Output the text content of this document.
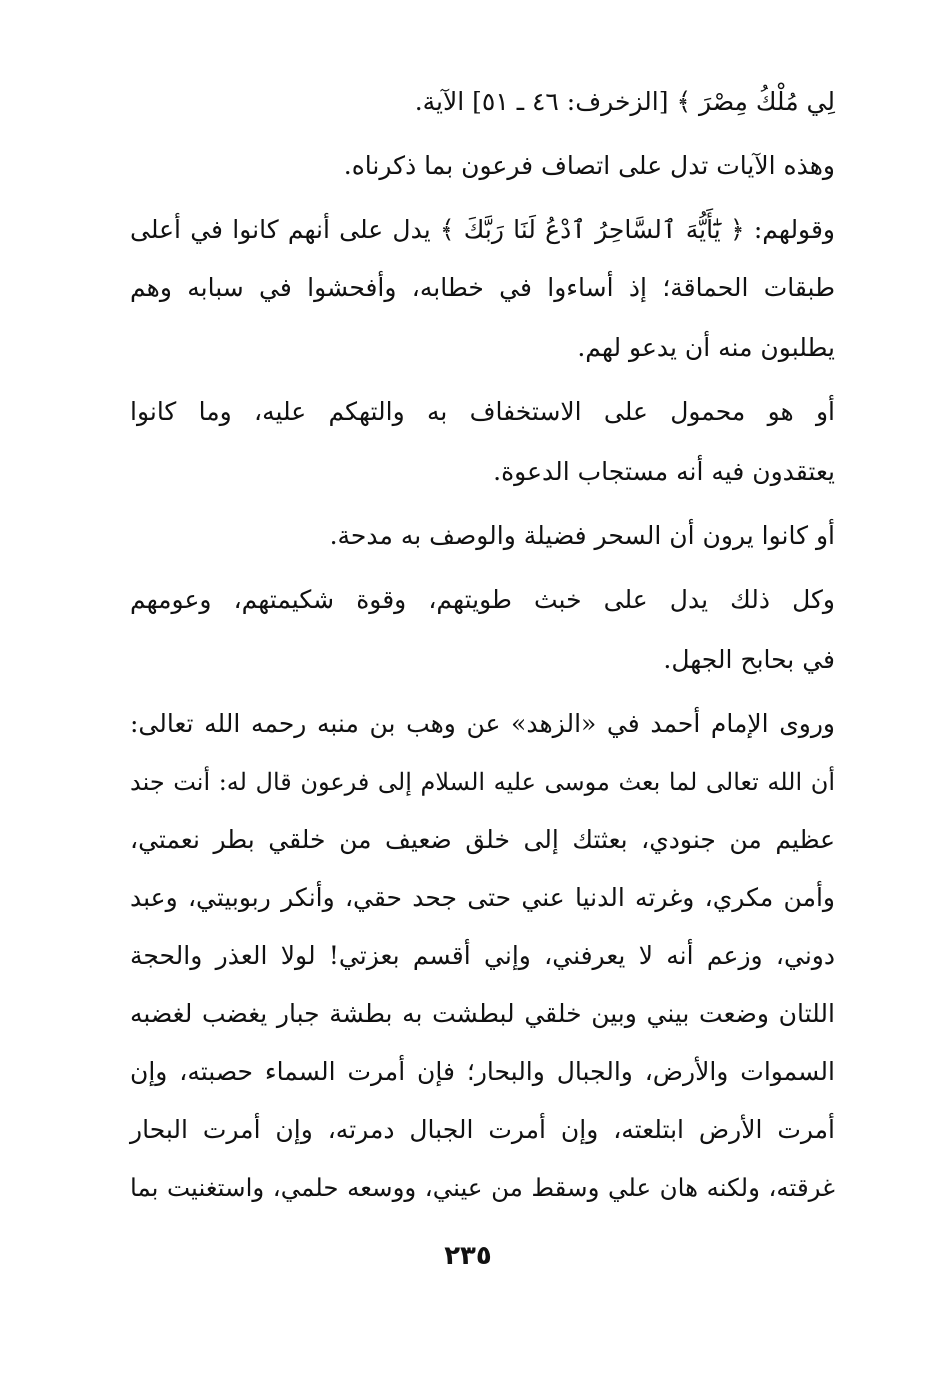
لِي مُلْكُ مِصْرَ ﴾ [الزخرف: ٤٦ ـ ٥١] الآية.
وهذه الآيات تدل على اتصاف فرعون بما ذكرناه.
وقولهم: ﴿ يَٰٓأَيُّهَ ٱلسَّاحِرُ ٱدْعُ لَنَا رَبَّكَ ﴾ يدل على أنهم كانوا في أعلى
طبقات الحماقة؛ إذ أساءوا في خطابه، وأفحشوا في سبابه وهم
يطلبون منه أن يدعو لهم.
أو هو محمول على الاستخفاف به والتهكم عليه، وما كانوا
يعتقدون فيه أنه مستجاب الدعوة.
أو كانوا يرون أن السحر فضيلة والوصف به مدحة.
وكل ذلك يدل على خبث طويتهم، وقوة شكيمتهم، وعومهم
في بحابح الجهل.
وروى الإمام أحمد في «الزهد» عن وهب بن منبه رحمه الله تعالى:
أن الله تعالى لما بعث موسى عليه السلام إلى فرعون قال له: أنت جند
عظيم من جنودي، بعثتك إلى خلق ضعيف من خلقي بطر نعمتي،
وأمن مكري، وغرته الدنيا عني حتى جحد حقي، وأنكر ربوبيتي، وعبد
دوني، وزعم أنه لا يعرفني، وإني أقسم بعزتي! لولا العذر والحجة
اللتان وضعت بيني وبين خلقي لبطشت به بطشة جبار يغضب لغضبه
السموات والأرض، والجبال والبحار؛ فإن أمرت السماء حصبته، وإن
أمرت الأرض ابتلعته، وإن أمرت الجبال دمرته، وإن أمرت البحار
غرقته، ولكنه هان علي وسقط من عيني، ووسعه حلمي، واستغنيت بما
٢٣٥
